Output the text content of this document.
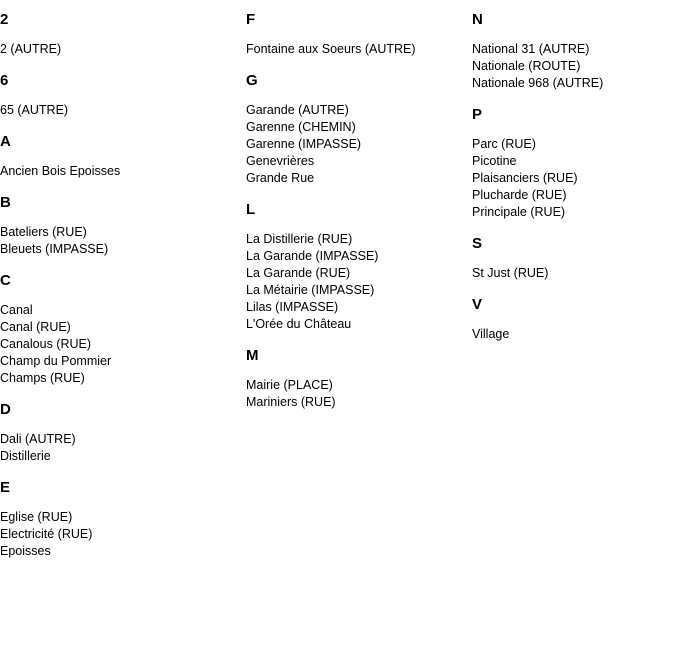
2
2 (AUTRE)
6
65 (AUTRE)
A
Ancien Bois Epoisses
B
Bateliers (RUE)
Bleuets (IMPASSE)
C
Canal
Canal (RUE)
Canalous (RUE)
Champ du Pommier
Champs (RUE)
D
Dali (AUTRE)
Distillerie
E
Eglise (RUE)
Electricité (RUE)
Epoisses
F
Fontaine aux Soeurs (AUTRE)
G
Garande (AUTRE)
Garenne (CHEMIN)
Garenne (IMPASSE)
Genevrières
Grande Rue
L
La Distillerie (RUE)
La Garande (IMPASSE)
La Garande (RUE)
La Métairie (IMPASSE)
Lilas (IMPASSE)
L'Orée du Château
M
Mairie (PLACE)
Mariniers (RUE)
N
National 31 (AUTRE)
Nationale (ROUTE)
Nationale 968 (AUTRE)
P
Parc (RUE)
Picotine
Plaisanciers (RUE)
Plucharde (RUE)
Principale (RUE)
S
St Just (RUE)
V
Village
